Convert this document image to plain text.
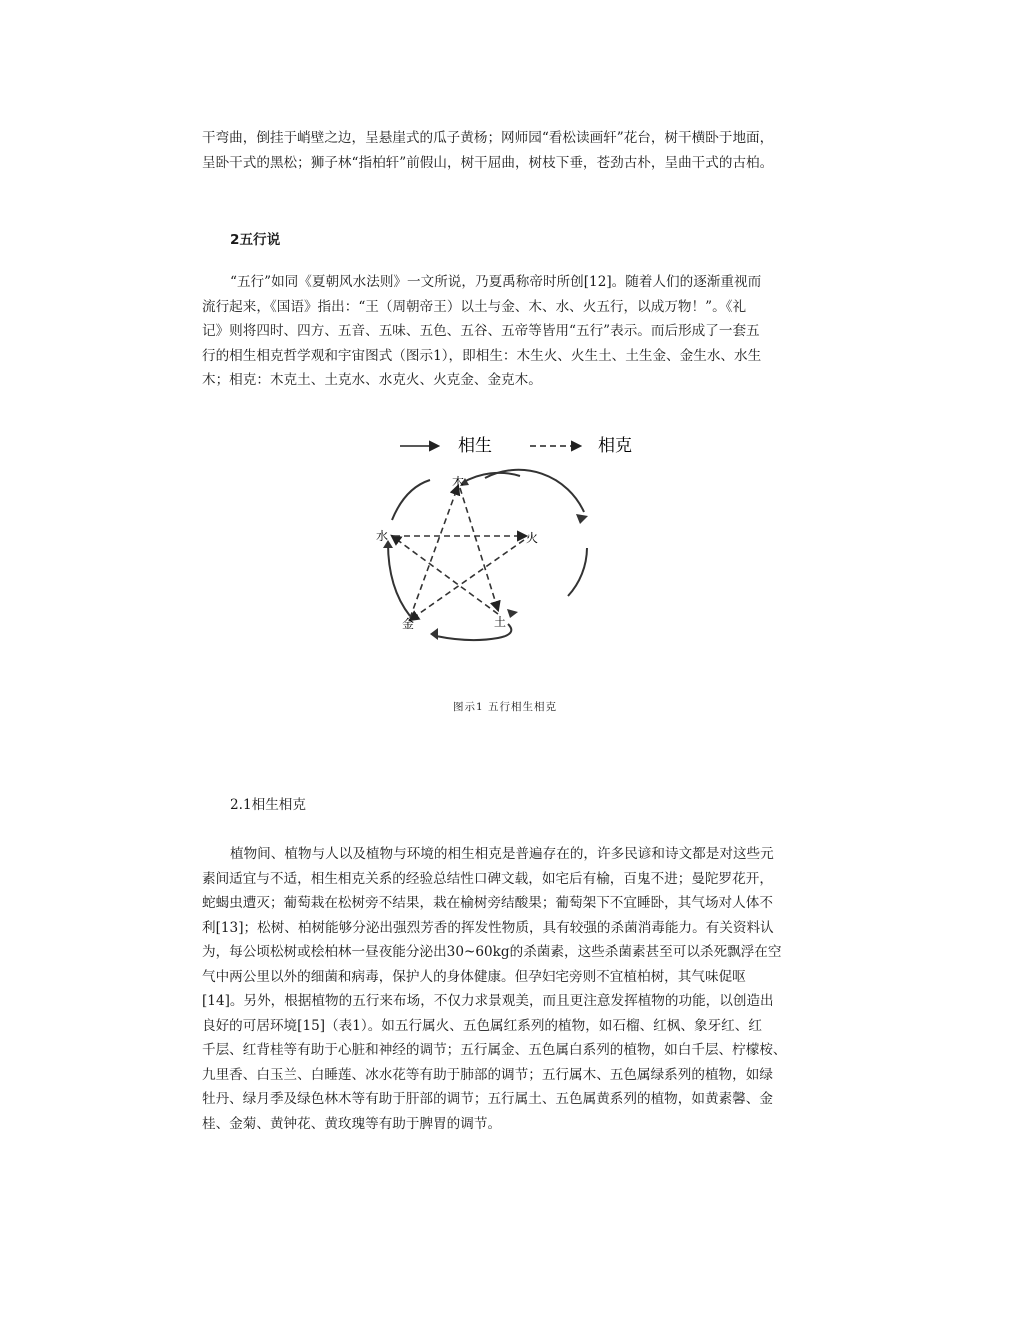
干弯曲，倒挂于峭壁之边，呈悬崖式的瓜子黄杨；网师园“看松读画轩”花台，树干横卧于地面，
呈卧干式的黑松；狮子林“指柏轩”前假山，树干屈曲，树枝下垂，苍劲古朴，呈曲干式的古柏。
2五行说
“五行”如同《夏朝风水法则》一文所说，乃夏禹称帝时所创[12]。随着人们的逐渐重视而
流行起来，《国语》指出：“王（周朝帝王）以土与金、木、水、火五行，以成万物！”。《礼
记》则将四时、四方、五音、五味、五色、五谷、五帝等皆用“五行”表示。而后形成了一套五
行的相生相克哲学观和宇宙图式（图示1），即相生：木生火、火生土、土生金、金生水、水生
木；相克：木克土、土克水、水克火、火克金、金克木。
相生	相克
木
火
土
金
水

图示1 五行相生相克

2.1相生相克

植物间、植物与人以及植物与环境的相生相克是普遍存在的，许多民谚和诗文都是对这些元
素间适宜与不适，相生相克关系的经验总结性口碑文载，如宅后有榆，百鬼不进；曼陀罗花开，
蛇蝎虫遭灭；葡萄栽在松树旁不结果，栽在榆树旁结酸果；葡萄架下不宜睡卧，其气场对人体不
利[13]；松树、柏树能够分泌出强烈芳香的挥发性物质，具有较强的杀菌消毒能力。有关资料认
为，每公顷松树或桧柏林一昼夜能分泌出30~60kg的杀菌素，这些杀菌素甚至可以杀死飘浮在空
气中两公里以外的细菌和病毒，保护人的身体健康。但孕妇宅旁则不宜植柏树，其气味促呕
[14]。另外，根据植物的五行来布场，不仅力求景观美，而且更注意发挥植物的功能，以创造出
良好的可居环境[15]（表1）。如五行属火、五色属红系列的植物，如石榴、红枫、象牙红、红
千层、红背桂等有助于心脏和神经的调节；五行属金、五色属白系列的植物，如白千层、柠檬桉、
九里香、白玉兰、白睡莲、冰水花等有助于肺部的调节；五行属木、五色属绿系列的植物，如绿
牡丹、绿月季及绿色林木等有助于肝部的调节；五行属土、五色属黄系列的植物，如黄素馨、金
桂、金菊、黄钟花、黄玫瑰等有助于脾胃的调节。
